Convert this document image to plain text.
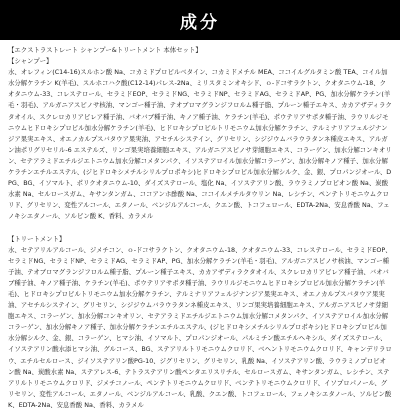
成分

【エクストラストレート シャンプー&トリートメント 本体セット】

【シャンプー】

水、オレフィン(C14-16)スルホン酸 Na、コカミドプロピルベタイン、コカミドメチル MEA、ココイルグルタミン酸 TEA、コイル加水分解ケラチン K(羊毛)、スルホコハク酸(C12-14)パレス-2Na、ミリスタミンオキシド、ｏ-ドコサラクトン、クオタニウム-18、クオタニウム-33、コレステロール、セラミドEOP、セラミドNG、セラミドNP、セラミドAG、セラミドAP、PG、加水分解ケラチン(羊毛・羽毛)、アルガニアスピノサ核油、マンゴー種子油、テオブロマグランジフロルム種子脂、プルーン種子エキス、カカアザディラクタオイル、スクレロカリアビレア種子油、バオバブ種子油、キノア種子油、ケラチン(羊毛)、ポウテリアサポタ種子油、ラウリルジモニウムヒドロキシプロピル加水分解ケラチン(羊毛)、ヒドロキシプロピルトリモニウム加水分解ケラチン、テルミナリアフェルジナンジア果実エキス、オエノカルプスバタウア果実油、アセチルシステイン、グリセリン、シジジウムバラウラタンネ種皮エキス、アルガン油ポリグリセリル-6 エステルズ、リンゴ果実培養細胞エキス、アルガニアスピノサ芽細胞エキス、コラーゲン、加水分解コンキオリン、セテアラミドエチルジエトニウム加水分解コメタンパク、イソステアロイル加水分解コラーゲン、加水分解キノア種子、加水分解ケラチンエチルエステル、(ジヒドロキシメチルシリルプロポキシ)ヒドロキシプロピル加水分解シルク、金、銀、プロパンジオール、DPG、BG、イソマルト、ポリクオタニウム-10、ダイズステロール、塩化 Na、イソステアリン酸、ラウラミノプロピオン酸 Na、炭酸水素 Na、セルロースガム、キサンタンガム、ココアンホ酢酸 Na、ココイルメチルタウリン Na、レシチン、ペンテトリモニウムクロリド、グリセリン、変性アルコール、エタノール、ベンジルアルコール、クエン酸、トコフェロール、EDTA-2Na、安息香酸 Na、フェノキシエタノール、ソルビン酸 K、香料、カラメル

【トリートメント】

水、セテアリルアルコール、ジメチコン、ｏ-ドコサラクトン、クオタニウム-18、クオタニウム-33、コレステロール、セラミドEOP、セラミドNG、セラミドNP、セラミドAG、セラミドAP、PG、加水分解ケラチン(羊毛・羽毛)、アルガニアスピノサ核油、マンゴー種子油、テオブロマグランジフロルム種子脂、プルーン種子エキス、カカアザディラクタオイル、スクレロカリアビレア種子油、バオバブ種子油、キノア種子油、ケラチン(羊毛)、ポウテリアサポタ種子油、ラウリルジモニウムヒドロキシプロピル加水分解ケラチン(羊毛)、ヒドロキシプロピルトリモニウム加水分解ケラチン、テルミナリアフェルジナンジア果実エキス、オエノカルプスバタウア果実油、アセチルシステイン、グリセリン、シジジウムバラウラタンネ種皮エキス、リンゴ果実培養細胞エキス、アルガニアスピノサ芽細胞エキス、コラーゲン、加水分解コンキオリン、セテアラミドエチルジエトニウム加水分解コメタンパク、イソステアロイル加水分解コラーゲン、加水分解キノア種子、加水分解ケラチンエチルエステル、(ジヒドロキシメチルシリルプロポキシ)ヒドロキシプロピル加水分解シルク、金、銀、コラーゲン、ヒマシ油、イソマルト、プロパンジオール、パルミチン酸エチルヘキシル、ダイズステロール、イソステアリン酸水添ヒマシ油、グルコース、BG、ステアリルトリモニウムクロリド、ベヘントリモニウムクロリド、キャンデリラロウ、エチルセルロース、ジイソステアリン酸PG-10、ジグリセリン、グリセリン、乳酸 Na、イソステアリン酸、ラウラミノプロピオン酸 Na、炭酸水素 Na、ステアレス-6、テトラステアリン酸ペンタエリスリチル、セルロースガム、キサンタンガム、レシチン、ステアリルトリモニウムクロリド、ジメチコノール、ペンテトリモニウムクロリド、ベンテトリモニウムクロリド、イソプロパノール、グリセリン、変性アルコール、エタノール、ベンジルアルコール、乳酸、クエン酸、トコフェロール、フェノキシエタノール、ソルビン酸 K、EDTA-2Na、安息香酸 Na、香料、カラメル
